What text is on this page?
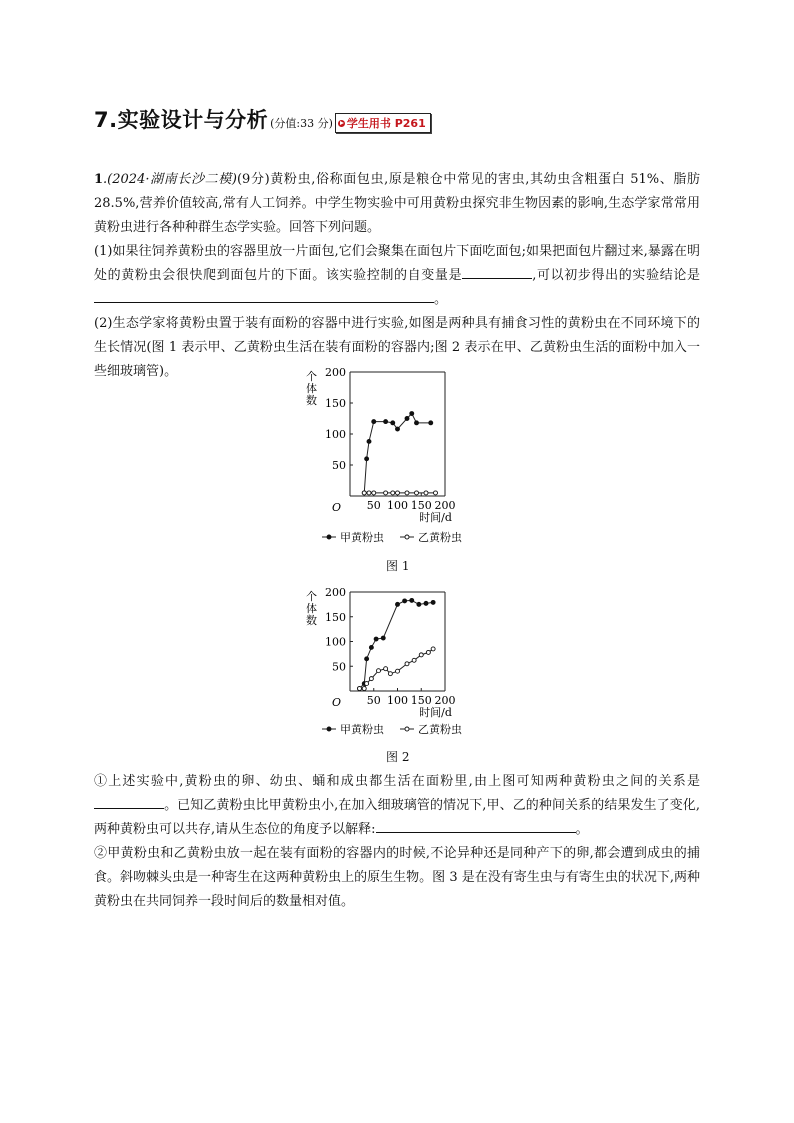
7.实验设计与分析 (分值:33 分) 学生用书 P261

1.(2024·湖南长沙二模)(9分)黄粉虫,俗称面包虫,原是粮仓中常见的害虫,其幼虫含粗蛋白 51%、脂肪 28.5%,营养价值较高,常有人工饲养。中学生物实验中可用黄粉虫探究非生物因素的影响,生态学家常常用黄粉虫进行各种种群生态学实验。回答下列问题。

(1)如果往饲养黄粉虫的容器里放一片面包,它们会聚集在面包片下面吃面包;如果把面包片翻过来,暴露在明处的黄粉虫会很快爬到面包片的下面。该实验控制的自变量是	,可以初步得出的实验结论是。

(2)生态学家将黄粉虫置于装有面粉的容器中进行实验,如图是两种具有捕食习性的黄粉虫在不同环境下的生长情况(图 1 表示甲、乙黄粉虫生活在装有面粉的容器内;图 2 表示在甲、乙黄粉虫生活的面粉中加入一些细玻璃管)。

50
100
150
200
50 100 150 200
O
时间/d
个体数
甲黄粉虫	乙黄粉虫
图 1
50
100
150
200
50 100 150 200
O
时间/d
个体数
甲黄粉虫	乙黄粉虫
图 2

①上述实验中,黄粉虫的卵、幼虫、蛹和成虫都生活在面粉里,由上图可知两种黄粉虫之间的关系是。已知乙黄粉虫比甲黄粉虫小,在加入细玻璃管的情况下,甲、乙的种间关系的结果发生了变化,两种黄粉虫可以共存,请从生态位的角度予以解释:	。

②甲黄粉虫和乙黄粉虫放一起在装有面粉的容器内的时候,不论异种还是同种产下的卵,都会遭到成虫的捕食。斜吻棘头虫是一种寄生在这两种黄粉虫上的原生生物。图 3 是在没有寄生虫与有寄生虫的状况下,两种黄粉虫在共同饲养一段时间后的数量相对值。
